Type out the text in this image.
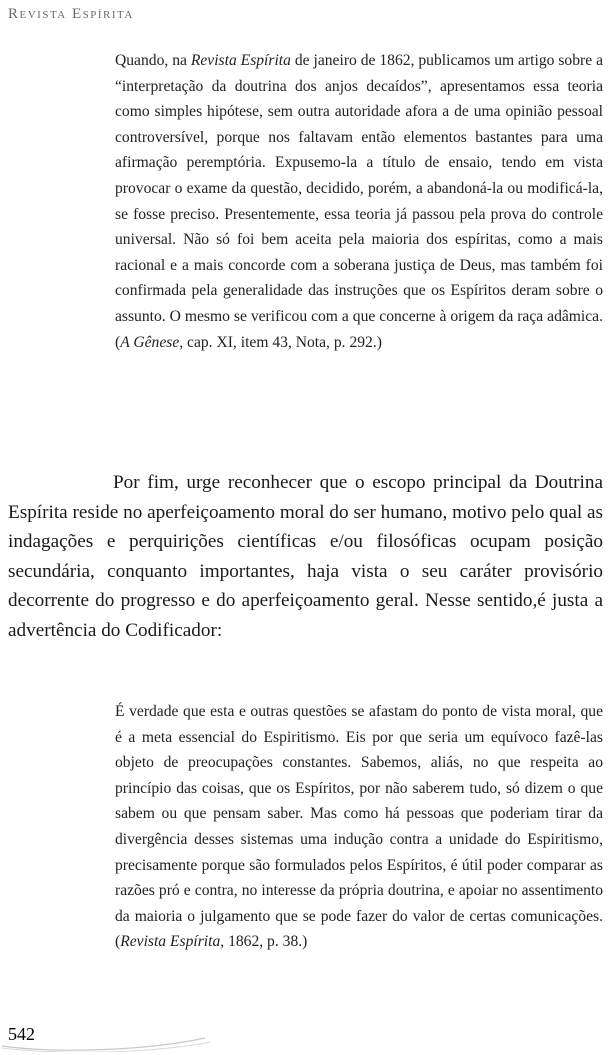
Revista Espírita
Quando, na Revista Espírita de janeiro de 1862, publicamos um artigo sobre a “interpretação da doutrina dos anjos decaídos”, apresentamos essa teoria como simples hipótese, sem outra autoridade afora a de uma opinião pessoal controversível, porque nos faltavam então elementos bastantes para uma afirmação peremptória. Expusemo-la a título de ensaio, tendo em vista provocar o exame da questão, decidido, porém, a abandoná-la ou modificá-la, se fosse preciso. Presentemente, essa teoria já passou pela prova do controle universal. Não só foi bem aceita pela maioria dos espíritas, como a mais racional e a mais concorde com a soberana justiça de Deus, mas também foi confirmada pela generalidade das instruções que os Espíritos deram sobre o assunto. O mesmo se verificou com a que concerne à origem da raça adâmica. (A Gênese, cap. XI, item 43, Nota, p. 292.)
Por fim, urge reconhecer que o escopo principal da Doutrina Espírita reside no aperfeiçoamento moral do ser humano, motivo pelo qual as indagações e perquirições científicas e/ou filosóficas ocupam posição secundária, conquanto importantes, haja vista o seu caráter provisório decorrente do progresso e do aperfeiçoamento geral. Nesse sentido,é justa a advertência do Codificador:
É verdade que esta e outras questões se afastam do ponto de vista moral, que é a meta essencial do Espiritismo. Eis por que seria um equívoco fazê-las objeto de preocupações constantes. Sabemos, aliás, no que respeita ao princípio das coisas, que os Espíritos, por não saberem tudo, só dizem o que sabem ou que pensam saber. Mas como há pessoas que poderiam tirar da divergência desses sistemas uma indução contra a unidade do Espiritismo, precisamente porque são formulados pelos Espíritos, é útil poder comparar as razões pró e contra, no interesse da própria doutrina, e apoiar no assentimento da maioria o julgamento que se pode fazer do valor de certas comunicações. (Revista Espírita, 1862, p. 38.)
542
